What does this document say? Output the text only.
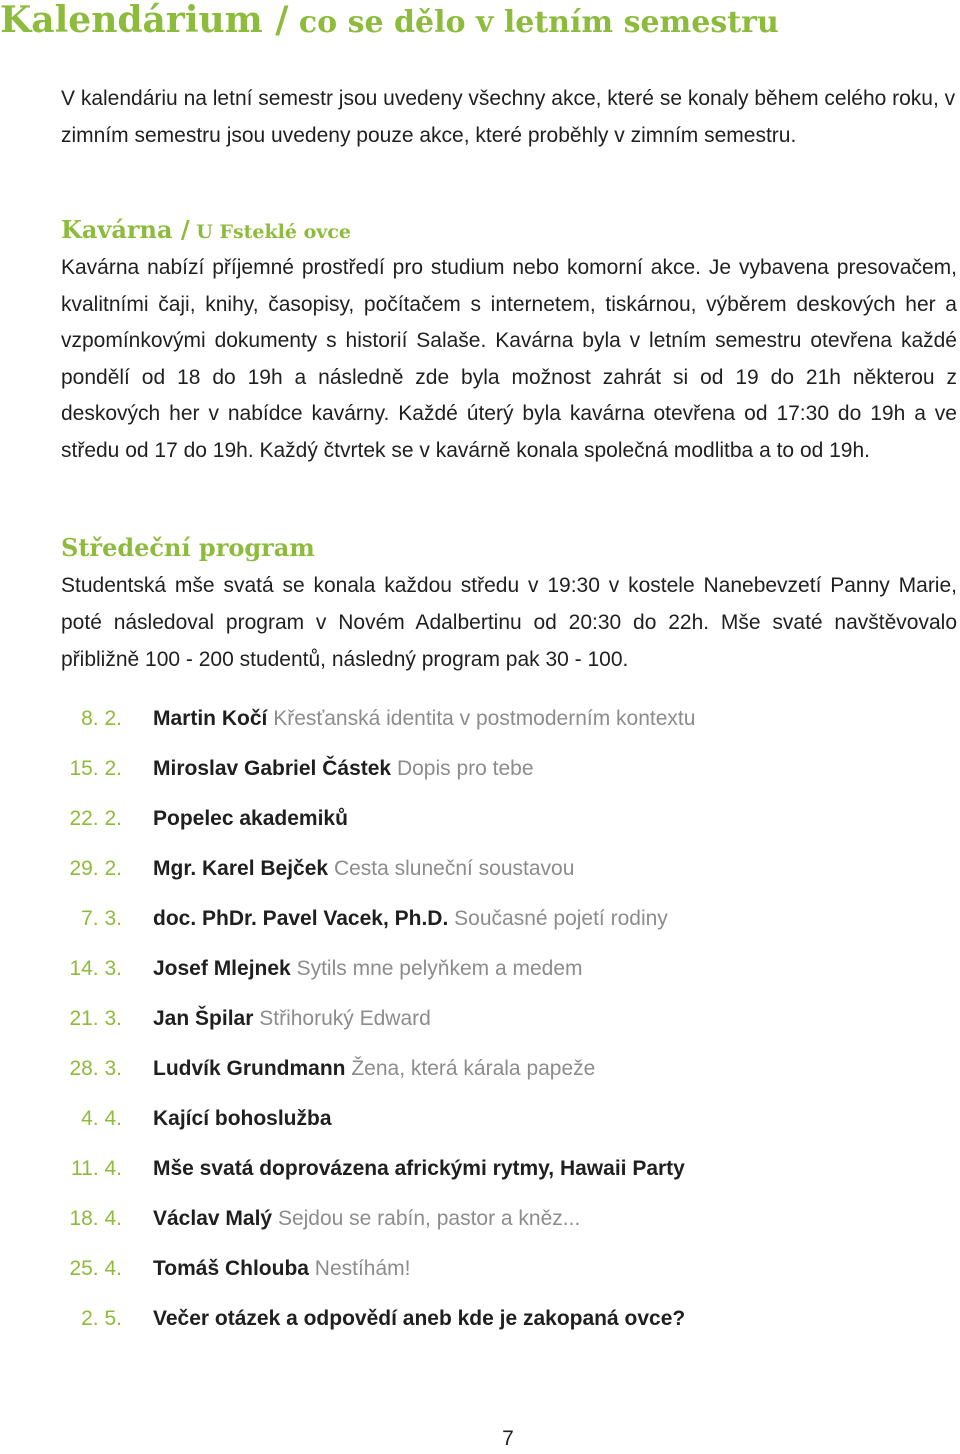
Kalendárium / co se dělo v letním semestru

V kalendáriu na letní semestr jsou uvedeny všechny akce, které se konaly během celého roku, v zimním semestru jsou uvedeny pouze akce, které proběhly v zimním semestru.

Kavárna / U Fsteklé ovce

Kavárna nabízí příjemné prostředí pro studium nebo komorní akce. Je vybavena presovačem, kvalitními čaji, knihy, časopisy, počítačem s internetem, tiskárnou, výběrem deskových her a vzpomínkovými dokumenty s historií Salaše. Kavárna byla v letním semestru otevřena každé pondělí od 18 do 19h a následně zde byla možnost zahrát si od 19 do 21h některou z deskových her v nabídce kavárny. Každé úterý byla kavárna otevřena od 17:30 do 19h a ve středu od 17 do 19h. Každý čtvrtek se v kavárně konala společná modlitba a to od 19h.

Středeční program

Studentská mše svatá se konala každou středu v 19:30 v kostele Nanebevzetí Panny Marie, poté následoval program v Novém Adalbertinu od 20:30 do 22h. Mše svaté navštěvovalo přibližně 100 - 200 studentů, následný program pak 30 - 100.

8. 2. Martin Kočí Křesťanská identita v postmoderním kontextu
15. 2. Miroslav Gabriel Částek Dopis pro tebe
22. 2. Popelec akademiků
29. 2. Mgr. Karel Bejček Cesta sluneční soustavou
7. 3. doc. PhDr. Pavel Vacek, Ph.D. Současné pojetí rodiny
14. 3. Josef Mlejnek Sytils mne pelyňkem a medem
21. 3. Jan Špilar Střihoruký Edward
28. 3. Ludvík Grundmann Žena, která kárala papeže
4. 4. Kající bohoslužba
11. 4. Mše svatá doprovázena africkými rytmy, Hawaii Party
18. 4. Václav Malý Sejdou se rabín, pastor a kněz...
25. 4. Tomáš Chlouba Nestíhám!
2. 5. Večer otázek a odpovědí aneb kde je zakopaná ovce?
7
